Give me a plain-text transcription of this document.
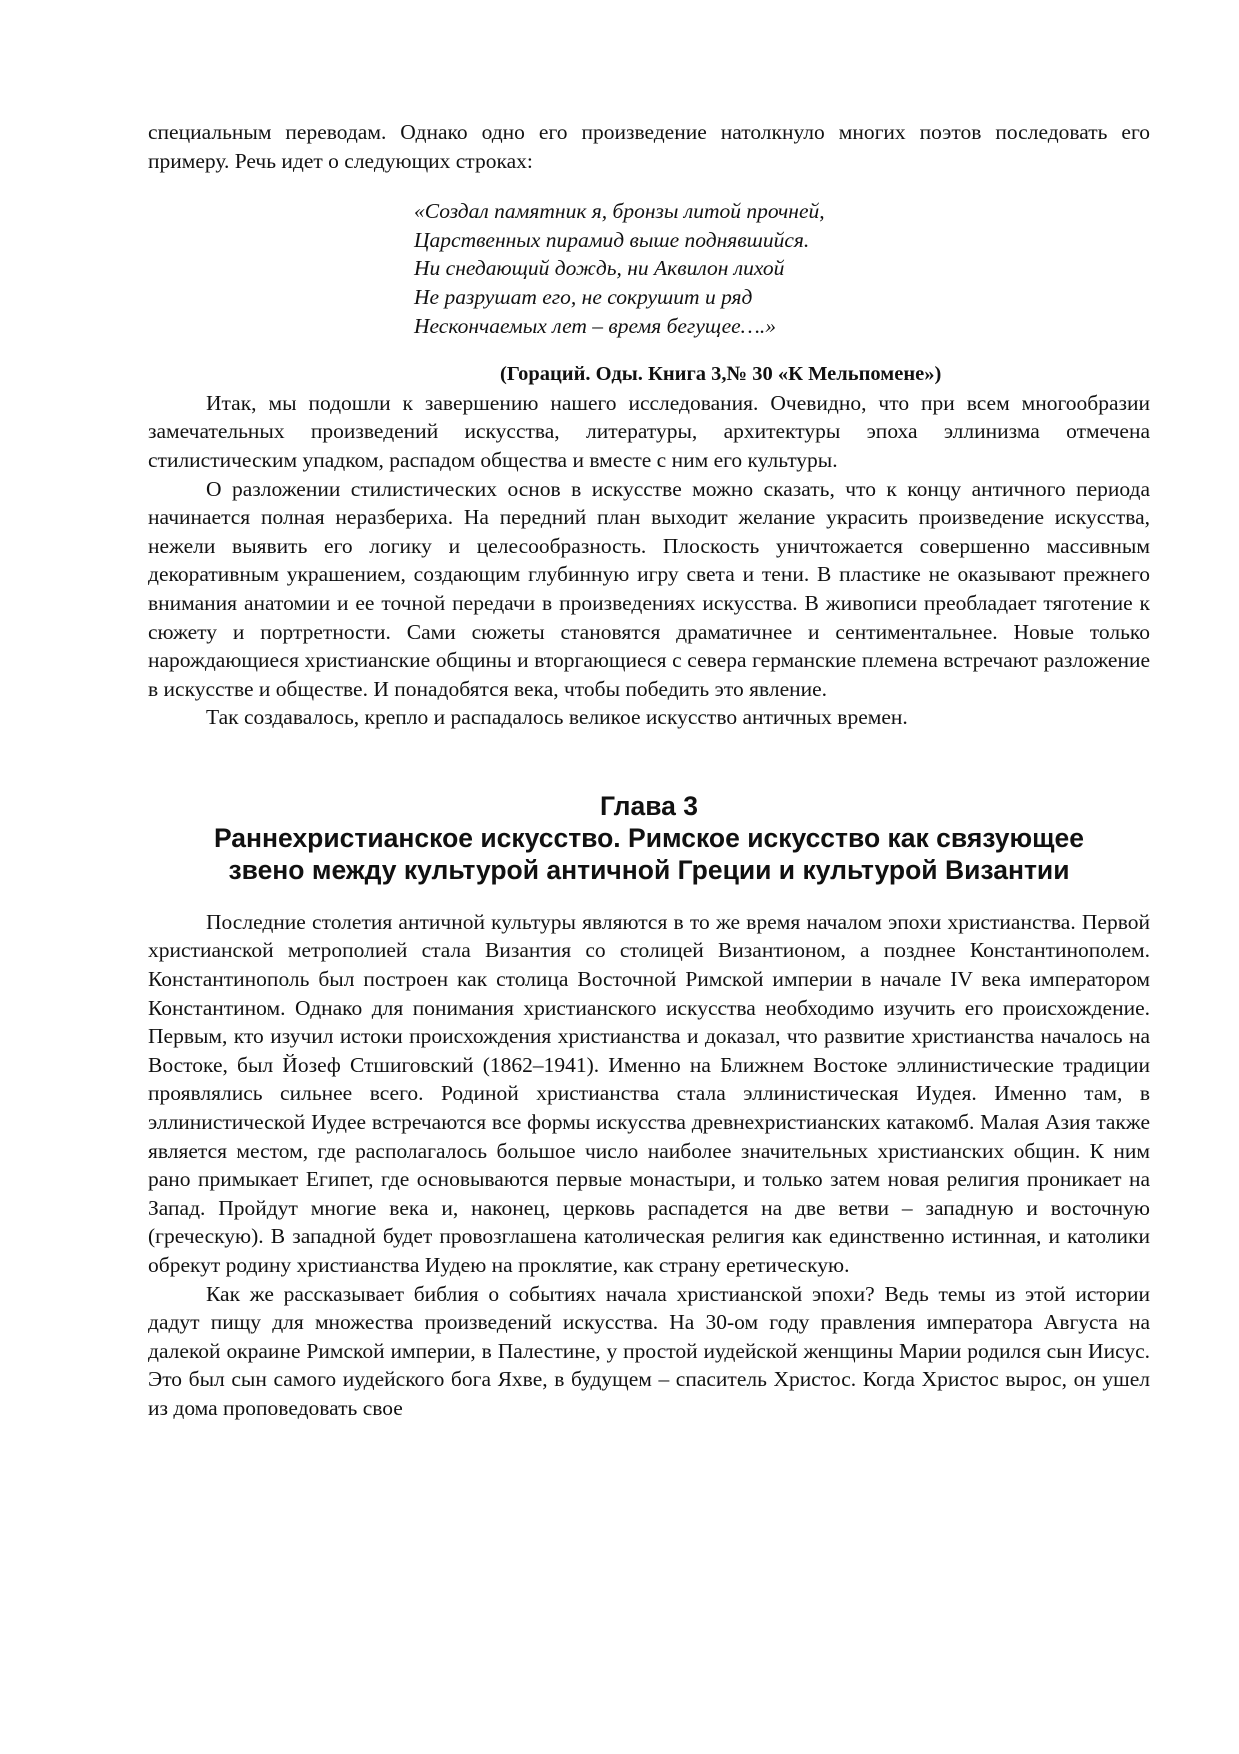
специальным переводам. Однако одно его произведение натолкнуло многих поэтов последовать его примеру. Речь идет о следующих строках:

«Создал памятник я, бронзы литой прочней,
Царственных пирамид выше поднявшийся.
Ни снедающий дождь, ни Аквилон лихой
Не разрушат его, не сокрушит и ряд
Нескончаемых лет – время бегущее….»
(Гораций. Оды. Книга 3,№ 30 «К Мельпомене»)

Итак, мы подошли к завершению нашего исследования. Очевидно, что при всем многообразии замечательных произведений искусства, литературы, архитектуры эпоха эллинизма отмечена стилистическим упадком, распадом общества и вместе с ним его культуры.

О разложении стилистических основ в искусстве можно сказать, что к концу античного периода начинается полная неразбериха. На передний план выходит желание украсить произведение искусства, нежели выявить его логику и целесообразность. Плоскость уничтожается совершенно массивным декоративным украшением, создающим глубинную игру света и тени. В пластике не оказывают прежнего внимания анатомии и ее точной передачи в произведениях искусства. В живописи преобладает тяготение к сюжету и портретности. Сами сюжеты становятся драматичнее и сентиментальнее. Новые только нарождающиеся христианские общины и вторгающиеся с севера германские племена встречают разложение в искусстве и обществе. И понадобятся века, чтобы победить это явление.

Так создавалось, крепло и распадалось великое искусство античных времен.

Глава 3
Раннехристианское искусство. Римское искусство как связующее
звено между культурой античной Греции и культурой Византии

Последние столетия античной культуры являются в то же время началом эпохи христианства. Первой христианской метрополией стала Византия со столицей Византионом, а позднее Константинополем. Константинополь был построен как столица Восточной Римской империи в начале IV века императором Константином. Однако для понимания христианского искусства необходимо изучить его происхождение. Первым, кто изучил истоки происхождения христианства и доказал, что развитие христианства началось на Востоке, был Йозеф Стшиговский (1862–1941). Именно на Ближнем Востоке эллинистические традиции проявлялись сильнее всего. Родиной христианства стала эллинистическая Иудея. Именно там, в эллинистической Иудее встречаются все формы искусства древнехристианских катакомб. Малая Азия также является местом, где располагалось большое число наиболее значительных христианских общин. К ним рано примыкает Египет, где основываются первые монастыри, и только затем новая религия проникает на Запад. Пройдут многие века и, наконец, церковь распадется на две ветви – западную и восточную (греческую). В западной будет провозглашена католическая религия как единственно истинная, и католики обрекут родину христианства Иудею на проклятие, как страну еретическую.

Как же рассказывает библия о событиях начала христианской эпохи? Ведь темы из этой истории дадут пищу для множества произведений искусства. На 30-ом году правления императора Августа на далекой окраине Римской империи, в Палестине, у простой иудейской женщины Марии родился сын Иисус. Это был сын самого иудейского бога Яхве, в будущем – спаситель Христос. Когда Христос вырос, он ушел из дома проповедовать свое
